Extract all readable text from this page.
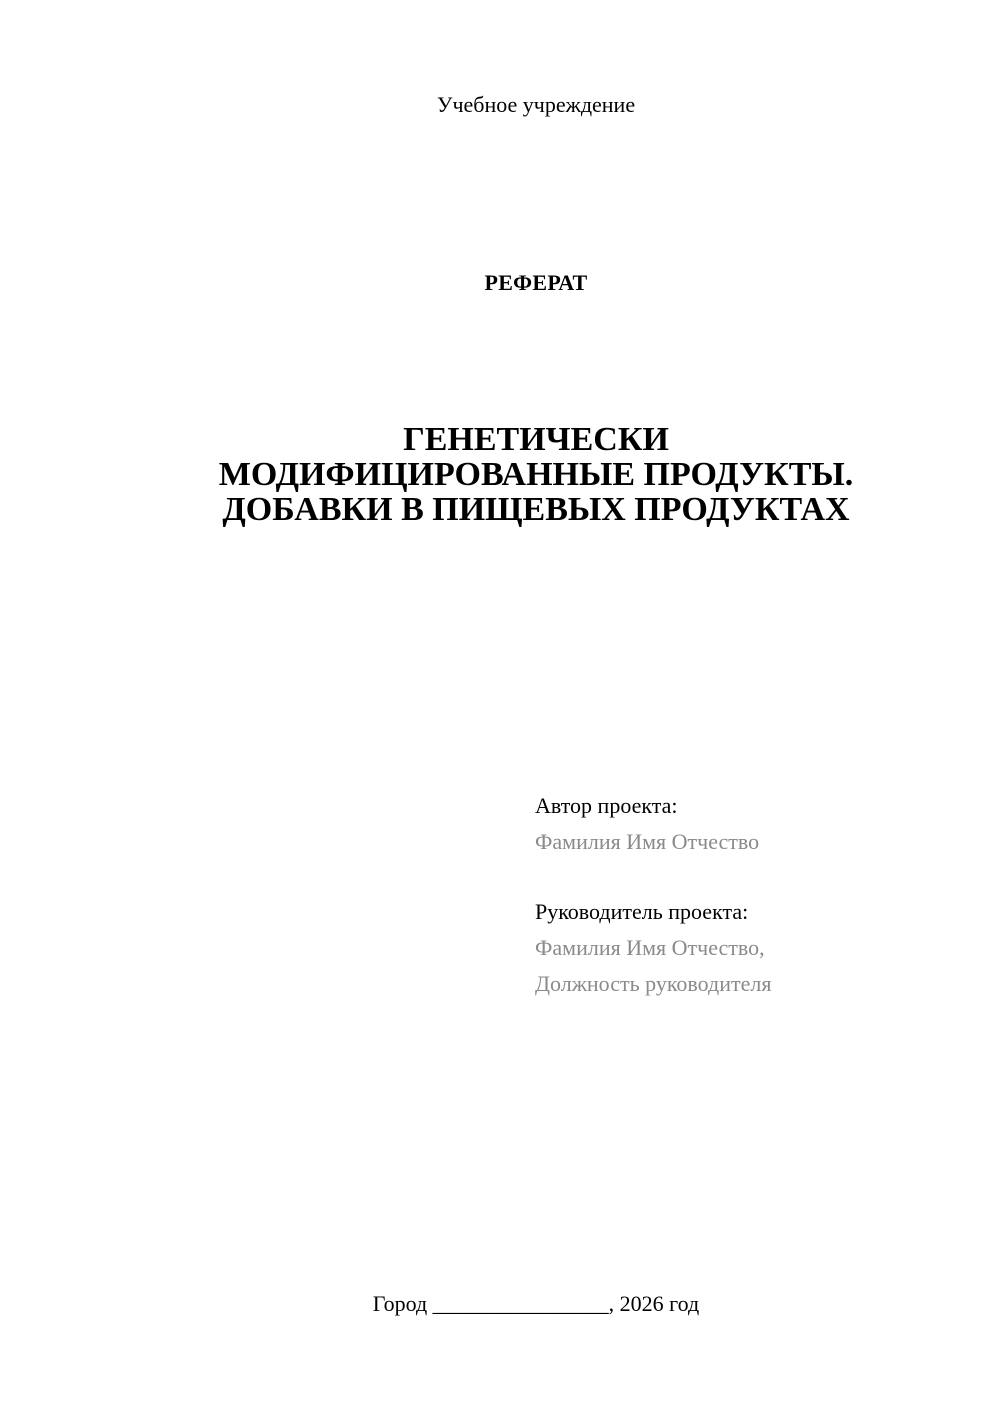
Учебное учреждение
РЕФЕРАТ
ГЕНЕТИЧЕСКИ
МОДИФИЦИРОВАННЫЕ ПРОДУКТЫ.
ДОБАВКИ В ПИЩЕВЫХ ПРОДУКТАХ
Автор проекта:
Фамилия Имя Отчество
Руководитель проекта:
Фамилия Имя Отчество,
Должность руководителя
Город ________________, 2026 год
